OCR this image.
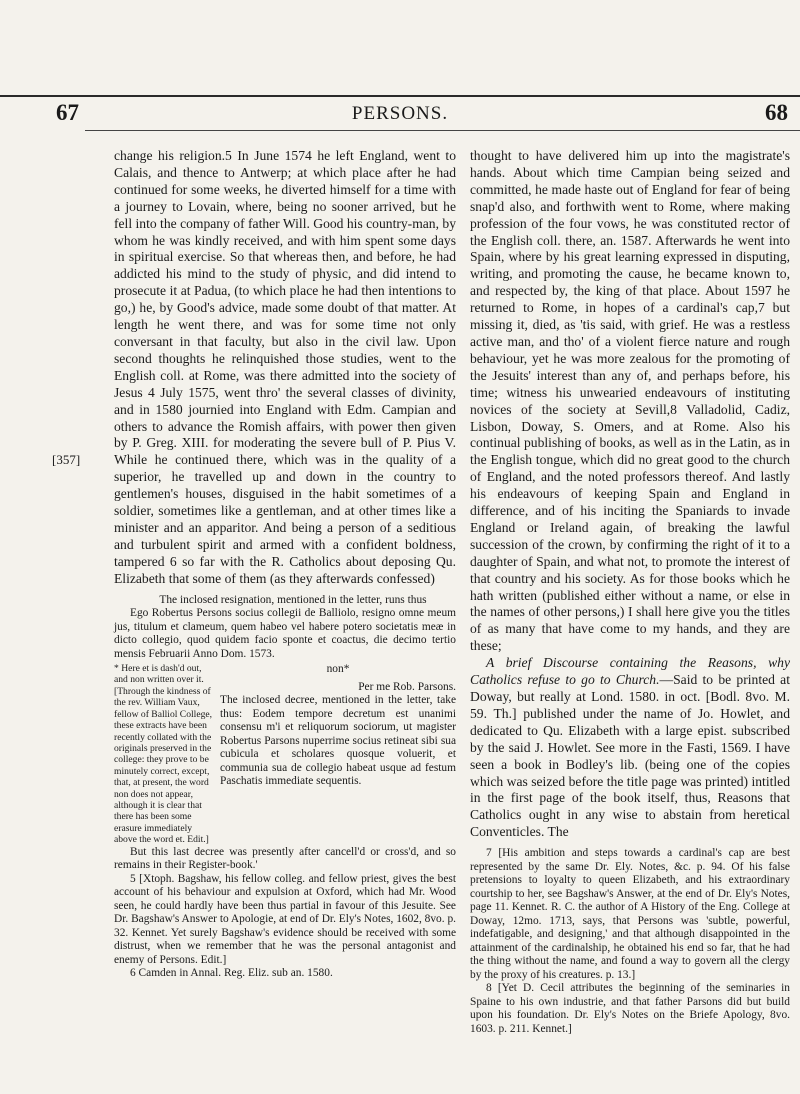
67	PERSONS.	68
[357]

change his religion.5 In June 1574 he left England, went to Calais, and thence to Antwerp; at which place after he had continued for some weeks, he diverted himself for a time with a journey to Lovain, where, being no sooner arrived, but he fell into the company of father Will. Good his country-man, by whom he was kindly received, and with him spent some days in spiritual exercise. So that whereas then, and before, he had addicted his mind to the study of physic, and did intend to prosecute it at Padua, (to which place he had then intentions to go,) he, by Good's advice, made some doubt of that matter. At length he went there, and was for some time not only conversant in that faculty, but also in the civil law. Upon second thoughts he relinquished those studies, went to the English coll. at Rome, was there admitted into the society of Jesus 4 July 1575, went thro' the several classes of divinity, and in 1580 journied into England with Edm. Campian and others to advance the Romish affairs, with power then given by P. Greg. XIII. for moderating the severe bull of P. Pius V. While he continued there, which was in the quality of a superior, he travelled up and down in the country to gentlemen's houses, disguised in the habit sometimes of a soldier, sometimes like a gentleman, and at other times like a minister and an apparitor. And being a person of a seditious and turbulent spirit and armed with a confident boldness, tampered 6 so far with the R. Catholics about deposing Qu. Elizabeth that some of them (as they afterwards confessed)

The inclosed resignation, mentioned in the letter, runs thus

Ego Robertus Persons socius collegii de Balliolo, resigno omne meum jus, titulum et clameum, quem habeo vel habere potero societatis meæ in dicto collegio, quod quidem facio sponte et coactus, die decimo tertio mensis Februarii Anno Dom. 1573.

* Here et is dash'd out, and non written over it. [Through the kindness of the rev. William Vaux, fellow of Balliol College, these extracts have been recently collated with the originals preserved in the college: they prove to be minutely correct, except, that, at present, the word non does not appear, although it is clear that there has been some erasure immediately above the word et. Edit.]
non*
Per me Rob. Parsons.
The inclosed decree, mentioned in the letter, take thus: Eodem tempore decretum est unanimi consensu m'i et reliquorum sociorum, ut magister Robertus Parsons nuperrime socius retineat sibi sua cubicula et scholares quosque voluerit, et communia sua de collegio habeat usque ad festum Paschatis immediate sequentis.

But this last decree was presently after cancell'd or cross'd, and so remains in their Register-book.'

5 [Xtoph. Bagshaw, his fellow colleg. and fellow priest, gives the best account of his behaviour and expulsion at Oxford, which had Mr. Wood seen, he could hardly have been thus partial in favour of this Jesuite. See Dr. Bagshaw's Answer to Apologie, at end of Dr. Ely's Notes, 1602, 8vo. p. 32. Kennet. Yet surely Bagshaw's evidence should be received with some distrust, when we remember that he was the personal antagonist and enemy of Persons. Edit.]

6 Camden in Annal. Reg. Eliz. sub an. 1580.

thought to have delivered him up into the magistrate's hands. About which time Campian being seized and committed, he made haste out of England for fear of being snap'd also, and forthwith went to Rome, where making profession of the four vows, he was constituted rector of the English coll. there, an. 1587. Afterwards he went into Spain, where by his great learning expressed in disputing, writing, and promoting the cause, he became known to, and respected by, the king of that place. About 1597 he returned to Rome, in hopes of a cardinal's cap,7 but missing it, died, as 'tis said, with grief. He was a restless active man, and tho' of a violent fierce nature and rough behaviour, yet he was more zealous for the promoting of the Jesuits' interest than any of, and perhaps before, his time; witness his unwearied endeavours of instituting novices of the society at Sevill,8 Valladolid, Cadiz, Lisbon, Doway, S. Omers, and at Rome. Also his continual publishing of books, as well as in the Latin, as in the English tongue, which did no great good to the church of England, and the noted professors thereof. And lastly his endeavours of keeping Spain and England in difference, and of his inciting the Spaniards to invade England or Ireland again, of breaking the lawful succession of the crown, by confirming the right of it to a daughter of Spain, and what not, to promote the interest of that country and his society. As for those books which he hath written (published either without a name, or else in the names of other persons,) I shall here give you the titles of as many that have come to my hands, and they are these;

A brief Discourse containing the Reasons, why Catholics refuse to go to Church.—Said to be printed at Doway, but really at Lond. 1580. in oct. [Bodl. 8vo. M. 59. Th.] published under the name of Jo. Howlet, and dedicated to Qu. Elizabeth with a large epist. subscribed by the said J. Howlet. See more in the Fasti, 1569. I have seen a book in Bodley's lib. (being one of the copies which was seized before the title page was printed) intitled in the first page of the book itself, thus, Reasons that Catholics ought in any wise to abstain from heretical Conventicles. The

7 [His ambition and steps towards a cardinal's cap are best represented by the same Dr. Ely. Notes, &c. p. 94. Of his false pretensions to loyalty to queen Elizabeth, and his extraordinary courtship to her, see Bagshaw's Answer, at the end of Dr. Ely's Notes, page 11. Kennet. R. C. the author of A History of the Eng. College at Doway, 12mo. 1713, says, that Persons was 'subtle, powerful, indefatigable, and designing,' and that although disappointed in the attainment of the cardinalship, he obtained his end so far, that he had the thing without the name, and found a way to govern all the clergy by the proxy of his creatures. p. 13.]

8 [Yet D. Cecil attributes the beginning of the seminaries in Spaine to his own industrie, and that father Parsons did but build upon his foundation. Dr. Ely's Notes on the Briefe Apology, 8vo. 1603. p. 211. Kennet.]
